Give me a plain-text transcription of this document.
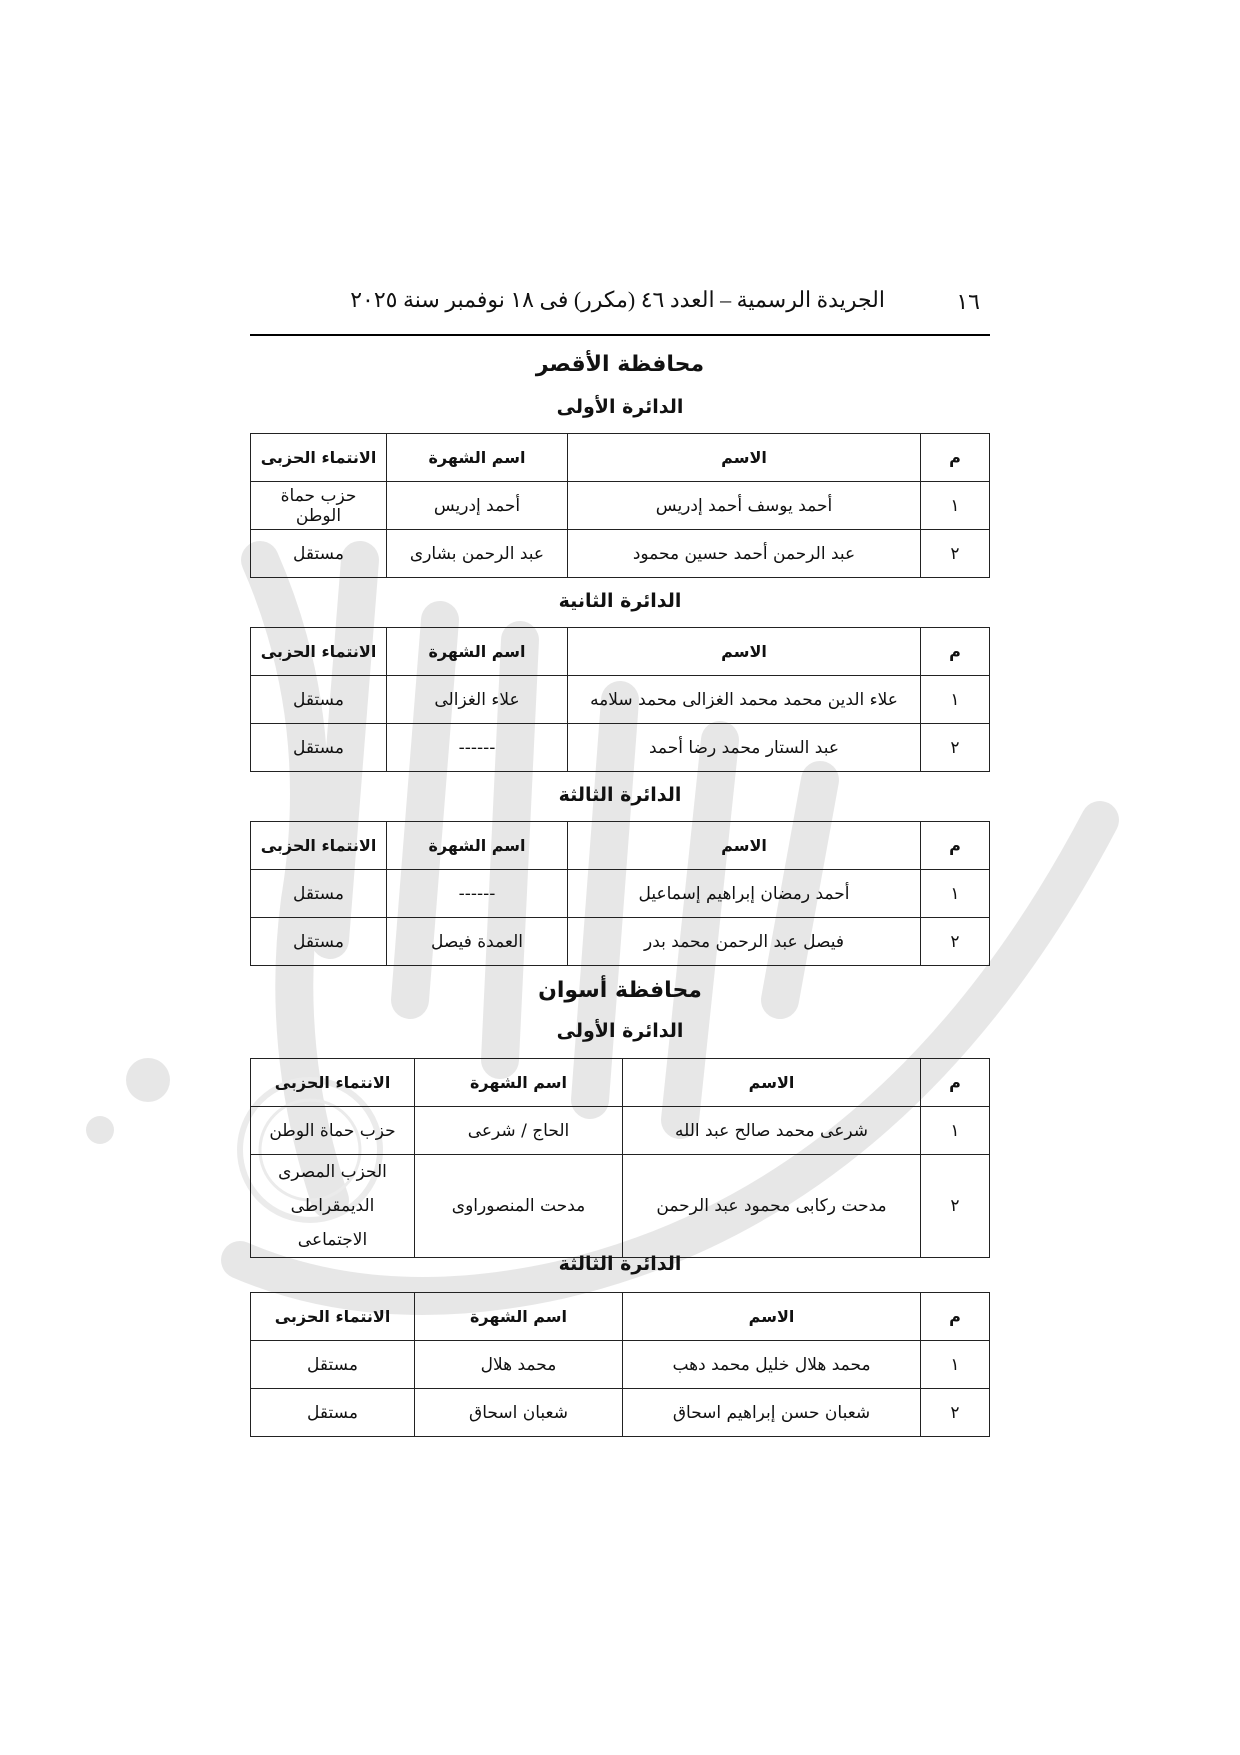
١٦
الجريدة الرسمية – العدد ٤٦ (مكرر) فى ١٨ نوفمبر سنة ٢٠٢٥
محافظة الأقصر
الدائرة الأولى
م	الاسم	اسم الشهرة	الانتماء الحزبى
١	أحمد يوسف أحمد إدريس	أحمد إدريس	حزب حماة الوطن
٢	عبد الرحمن أحمد حسين محمود	عبد الرحمن بشارى	مستقل
الدائرة الثانية
م	الاسم	اسم الشهرة	الانتماء الحزبى
١	علاء الدين محمد محمد الغزالى محمد سلامه	علاء الغزالى	مستقل
٢	عبد الستار محمد رضا أحمد	------	مستقل
الدائرة الثالثة
م	الاسم	اسم الشهرة	الانتماء الحزبى
١	أحمد رمضان إبراهيم إسماعيل	------	مستقل
٢	فيصل عبد الرحمن محمد بدر	العمدة فيصل	مستقل
محافظة أسوان
الدائرة الأولى
م	الاسم	اسم الشهرة	الانتماء الحزبى
١	شرعى محمد صالح عبد الله	الحاج / شرعى	حزب حماة الوطن
٢	مدحت ركابى محمود عبد الرحمن	مدحت المنصوراوى	الحزب المصرى
الديمقراطى الاجتماعى
الدائرة الثالثة
م	الاسم	اسم الشهرة	الانتماء الحزبى
١	محمد هلال خليل محمد دهب	محمد هلال	مستقل
٢	شعبان حسن إبراهيم اسحاق	شعبان اسحاق	مستقل
